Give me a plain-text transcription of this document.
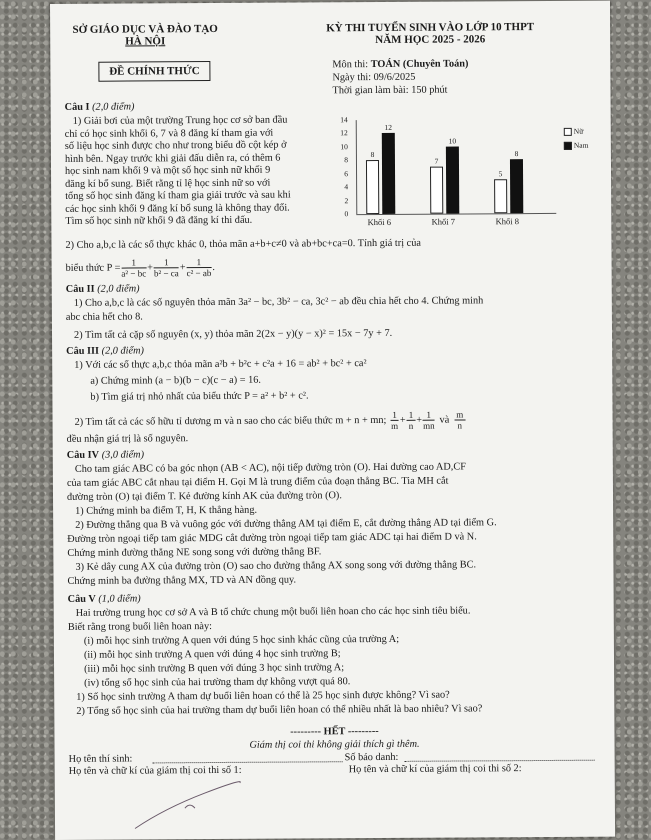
SỞ GIÁO DỤC VÀ ĐÀO TẠO
HÀ NỘI
ĐỀ CHÍNH THỨC
KỲ THI TUYỂN SINH VÀO LỚP 10 THPT
NĂM HỌC 2025 - 2026
Môn thi: TOÁN (Chuyên Toán)
Ngày thi: 09/6/2025
Thời gian làm bài: 150 phút
Câu I (2,0 điểm)
1) Giải bơi của một trường Trung học cơ sở ban đầu
chỉ có học sinh khối 6, 7 và 8 đăng kí tham gia với
số liệu học sinh được cho như trong biểu đồ cột kép ở
hình bên. Ngay trước khi giải đấu diễn ra, có thêm 6
học sinh nam khối 9 và một số học sinh nữ khối 9
đăng kí bổ sung. Biết rằng tỉ lệ học sinh nữ so với
tổng số học sinh đăng kí tham gia giải trước và sau khi
các học sinh khối 9 đăng kí bổ sung là không thay đổi.
Tìm số học sinh nữ khối 9 đã đăng kí thi đấu.
14
12
10
8
6
4
2
0
8
12
Khối 6
7
10
Khối 7
5
8
Khối 8
Nữ
Nam
2) Cho a,b,c là các số thực khác 0, thỏa mãn a+b+c≠0 và ab+bc+ca=0. Tính giá trị của
biểu thức $P = \frac{1}{\text{a² − bc}} + \frac{1}{\text{b² − ca}} + \frac{1}{\text{c² − ab}}$ .
Câu II (2,0 điểm)
1) Cho a,b,c là các số nguyên thỏa mãn 3a² − bc, 3b² − ca, 3c² − ab đều chia hết cho 4. Chứng minh
abc chia hết cho 8.
2) Tìm tất cả cặp số nguyên (x, y) thỏa mãn 2(2x − y)(y − x)² = 15x − 7y + 7.
Câu III (2,0 điểm)
1) Với các số thực a,b,c thỏa mãn a²b + b²c + c²a + 16 = ab² + bc² + ca²
a) Chứng minh (a − b)(b − c)(c − a) = 16.
b) Tìm giá trị nhỏ nhất của biểu thức P = a² + b² + c².
2) Tìm tất cả các số hữu tỉ dương m và n sao cho các biểu thức m + n + mn; $\frac{1}{m} + \frac{1}{n} + \frac{1}{mn}$ và $\frac{m}{n}$
đều nhận giá trị là số nguyên.
Câu IV (3,0 điểm)
Cho tam giác ABC có ba góc nhọn (AB < AC), nội tiếp đường tròn (O). Hai đường cao AD,CF
của tam giác ABC cắt nhau tại điểm H. Gọi M là trung điểm của đoạn thẳng BC. Tia MH cắt
đường tròn (O) tại điểm T. Kẻ đường kính AK của đường tròn (O).
1) Chứng minh ba điểm T, H, K thẳng hàng.
2) Đường thẳng qua B và vuông góc với đường thẳng AM tại điểm E, cắt đường thẳng AD tại điểm G.
Đường tròn ngoại tiếp tam giác MDG cắt đường tròn ngoại tiếp tam giác ADC tại hai điểm D và N.
Chứng minh đường thẳng NE song song với đường thẳng BF.
3) Kẻ dây cung AX của đường tròn (O) sao cho đường thẳng AX song song với đường thẳng BC.
Chứng minh ba đường thẳng MX, TD và AN đồng quy.
Câu V (1,0 điểm)
Hai trường trung học cơ sở A và B tổ chức chung một buổi liên hoan cho các học sinh tiêu biểu.
Biết rằng trong buổi liên hoan này:
(i) mỗi học sinh trường A quen với đúng 5 học sinh khác cũng của trường A;
(ii) mỗi học sinh trường A quen với đúng 4 học sinh trường B;
(iii) mỗi học sinh trường B quen với đúng 3 học sinh trường A;
(iv) tổng số học sinh của hai trường tham dự không vượt quá 80.
1) Số học sinh trường A tham dự buổi liên hoan có thể là 25 học sinh được không? Vì sao?
2) Tổng số học sinh của hai trường tham dự buổi liên hoan có thể nhiều nhất là bao nhiêu? Vì sao?
--------- HẾT ---------
Giám thị coi thi không giải thích gì thêm.
Họ tên thí sinh:	Số báo danh:
Họ tên và chữ kí của giám thị coi thi số 1:	Họ tên và chữ kí của giám thị coi thi số 2:
